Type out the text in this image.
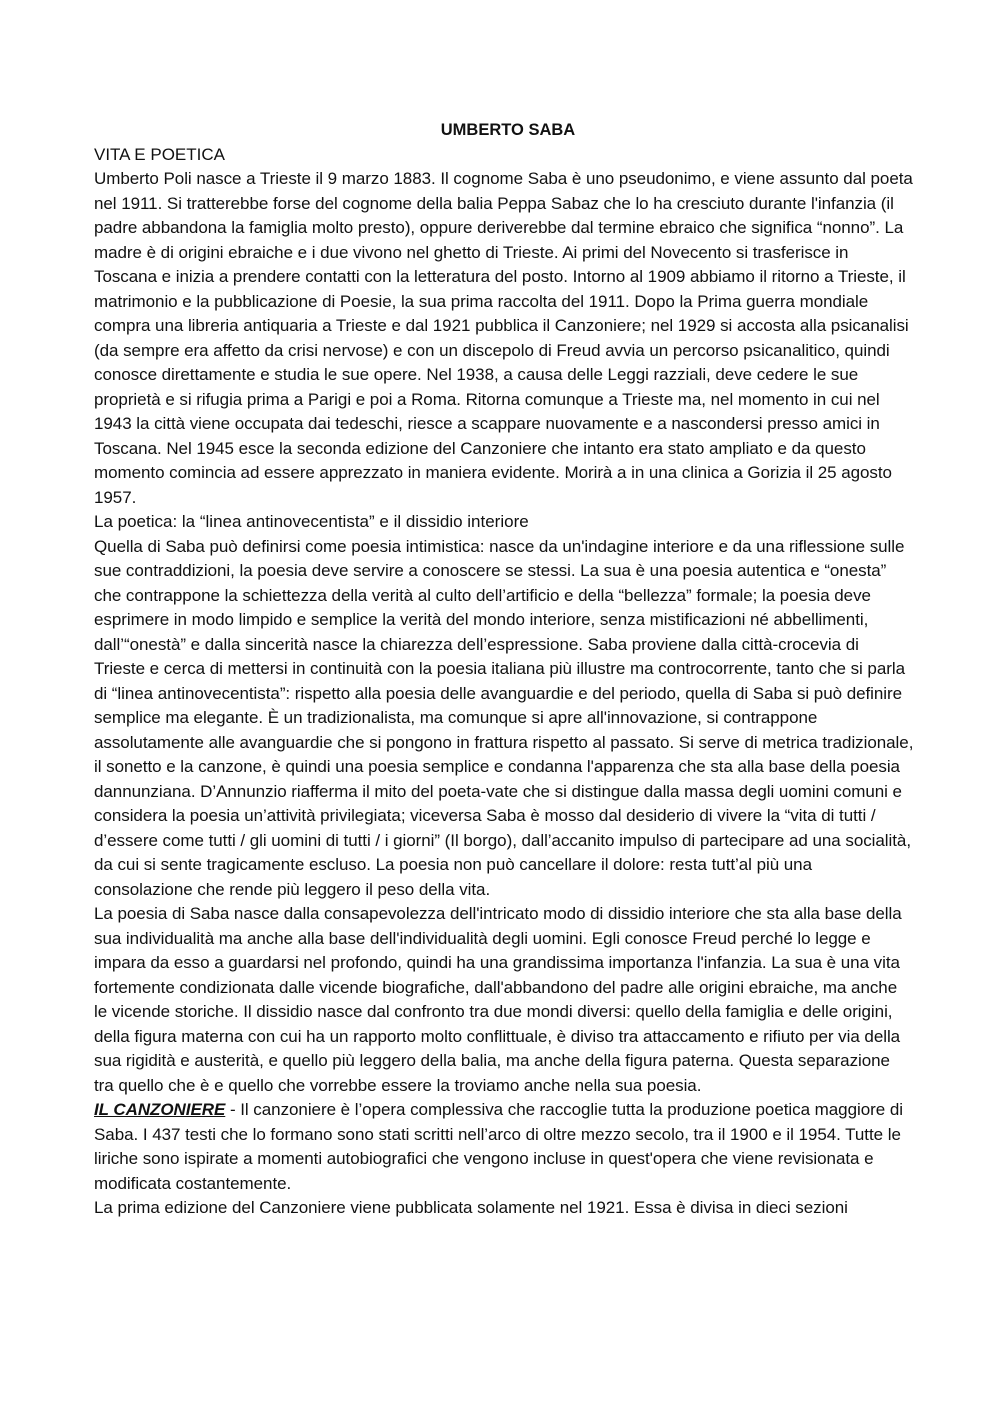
UMBERTO SABA

VITA E POETICA

Umberto Poli nasce a Trieste il 9 marzo 1883. Il cognome Saba è uno pseudonimo, e viene assunto dal poeta nel 1911. Si tratterebbe forse del cognome della balia Peppa Sabaz che lo ha cresciuto durante l'infanzia (il padre abbandona la famiglia molto presto), oppure deriverebbe dal termine ebraico che significa “nonno”. La madre è di origini ebraiche e i due vivono nel ghetto di Trieste. Ai primi del Novecento si trasferisce in Toscana e inizia a prendere contatti con la letteratura del posto. Intorno al 1909 abbiamo il ritorno a Trieste, il matrimonio e la pubblicazione di Poesie, la sua prima raccolta del 1911. Dopo la Prima guerra mondiale compra una libreria antiquaria a Trieste e dal 1921 pubblica il Canzoniere; nel 1929 si accosta alla psicanalisi (da sempre era affetto da crisi nervose) e con un discepolo di Freud avvia un percorso psicanalitico, quindi conosce direttamente e studia le sue opere. Nel 1938, a causa delle Leggi razziali, deve cedere le sue proprietà e si rifugia prima a Parigi e poi a Roma. Ritorna comunque a Trieste ma, nel momento in cui nel 1943 la città viene occupata dai tedeschi, riesce a scappare nuovamente e a nascondersi presso amici in Toscana. Nel 1945 esce la seconda edizione del Canzoniere che intanto era stato ampliato e da questo momento comincia ad essere apprezzato in maniera evidente. Morirà a in una clinica a Gorizia il 25 agosto 1957.

La poetica: la “linea antinovecentista” e il dissidio interiore

Quella di Saba può definirsi come poesia intimistica: nasce da un'indagine interiore e da una riflessione sulle sue contraddizioni, la poesia deve servire a conoscere se stessi. La sua è una poesia autentica e “onesta” che contrappone la schiettezza della verità al culto dell’artificio e della “bellezza” formale; la poesia deve esprimere in modo limpido e semplice la verità del mondo interiore, senza mistificazioni né abbellimenti, dall’“onestà” e dalla sincerità nasce la chiarezza dell’espressione. Saba proviene dalla città-crocevia di Trieste e cerca di mettersi in continuità con la poesia italiana più illustre ma controcorrente, tanto che si parla di “linea antinovecentista”: rispetto alla poesia delle avanguardie e del periodo, quella di Saba si può definire semplice ma elegante. È un tradizionalista, ma comunque si apre all'innovazione, si contrappone assolutamente alle avanguardie che si pongono in frattura rispetto al passato. Si serve di metrica tradizionale, il sonetto e la canzone, è quindi una poesia semplice e condanna l'apparenza che sta alla base della poesia dannunziana. D’Annunzio riafferma il mito del poeta-vate che si distingue dalla massa degli uomini comuni e considera la poesia un’attività privilegiata; viceversa Saba è mosso dal desiderio di vivere la “vita di tutti / d’essere come tutti / gli uomini di tutti / i giorni” (Il borgo), dall’accanito impulso di partecipare ad una socialità, da cui si sente tragicamente escluso. La poesia non può cancellare il dolore: resta tutt’al più una consolazione che rende più leggero il peso della vita.

La poesia di Saba nasce dalla consapevolezza dell'intricato modo di dissidio interiore che sta alla base della sua individualità ma anche alla base dell'individualità degli uomini. Egli conosce Freud perché lo legge e impara da esso a guardarsi nel profondo, quindi ha una grandissima importanza l'infanzia. La sua è una vita fortemente condizionata dalle vicende biografiche, dall'abbandono del padre alle origini ebraiche, ma anche le vicende storiche. Il dissidio nasce dal confronto tra due mondi diversi: quello della famiglia e delle origini, della figura materna con cui ha un rapporto molto conflittuale, è diviso tra attaccamento e rifiuto per via della sua rigidità e austerità, e quello più leggero della balia, ma anche della figura paterna. Questa separazione tra quello che è e quello che vorrebbe essere la troviamo anche nella sua poesia.

IL CANZONIERE - Il canzoniere è l’opera complessiva che raccoglie tutta la produzione poetica maggiore di Saba. I 437 testi che lo formano sono stati scritti nell’arco di oltre mezzo secolo, tra il 1900 e il 1954. Tutte le liriche sono ispirate a momenti autobiografici che vengono incluse in quest'opera che viene revisionata e modificata costantemente.

La prima edizione del Canzoniere viene pubblicata solamente nel 1921. Essa è divisa in dieci sezioni
